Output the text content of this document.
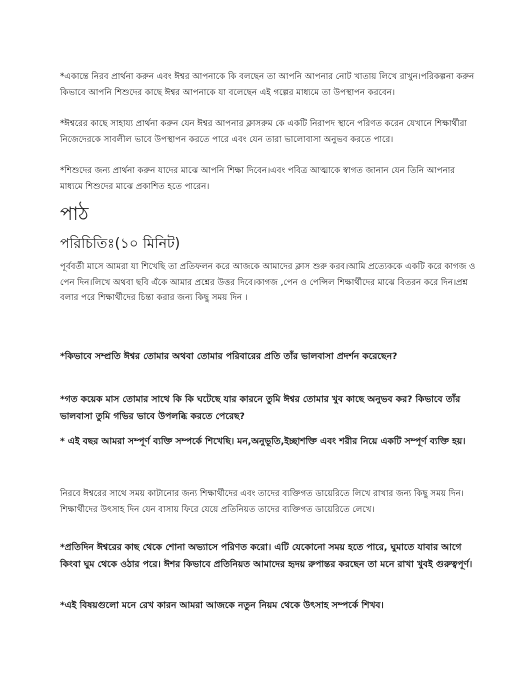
*একান্তে নিরব প্রার্থনা করুন এবং ঈশ্বর আপনাকে কি বলছেন তা আপনি আপনার নোট খাতায় লিখে রাখুন।পরিকল্পনা করুন কিভাবে আপনি শিশুদের কাছে ঈশ্বর আপনাকে যা বলেছেন এই গল্পের মাধ্যমে তা উপস্থাপন করবেন।

*ঈশ্বরের কাছে সাহায্য প্রার্থনা করুন যেন ঈশ্বর আপনার ক্লাসরুম কে একটি নিরাপদ স্থানে পরিণত করেন যেখানে শিক্ষার্থীরা নিজেদেরকে সাবলীল ভাবে উপস্থাপন করতে পারে এবং যেন তারা ভালোবাসা অনুভব করতে পারে।

*শিশুদের জন্য প্রার্থনা করুন যাদের মাঝে আপনি শিক্ষা দিবেন।এবং পবিত্র আত্মাকে স্বাগত জানান যেন তিনি আপনার মাধ্যমে শিশুদের মাঝে প্রকাশিত হতে পারেন।

পাঠ
পরিচিতিঃ(১০ মিনিট)

পূর্ববর্তী মাসে আমরা যা শিখেছি তা প্রতিফলন করে আজকে আমাদের ক্লাস শুরু করব।আমি প্রত্যেককে একটি করে কাগজ ও পেন দিন।লিখে অথবা ছবি এঁকে আমার প্রশ্নের উত্তর দিবে।কাগজ ,পেন ও পেন্সিল শিক্ষার্থীদের মাঝে বিতরন করে দিন।প্রশ্ন বলার পরে শিক্ষার্থীদের চিন্তা করার জন্য কিছু সময় দিন ।

*কিভাবে সম্প্রতি ঈশ্বর তোমার অথবা তোমার পরিবারের প্রতি তাঁর ভালবাসা প্রদর্শন করেছেন?

*গত কয়েক মাস তোমার সাথে কি কি ঘটেছে যার কারনে তুমি ঈশ্বর তোমার খুব কাছে অনুভব কর? কিভাবে তাঁর ভালবাসা তুমি গভির ভাবে উপলব্ধি করতে পেরেছ?

* এই বছর আমরা সম্পূর্ণ ব্যক্তি সম্পর্কে শিখেছি। মন,অনুভূতি,ইচ্ছাশক্তি এবং শরীর নিয়ে একটি সম্পূর্ণ ব্যক্তি হয়।

নিরবে ঈশ্বরের সাথে সময় কাটানোর জন্য শিক্ষার্থীদের এবং তাদের ব্যক্তিগত ডায়েরিতে লিখে রাখার জন্য কিছু সময় দিন।শিক্ষার্থীদের উৎসাহ দিন যেন বাসায় ফিরে যেয়ে প্রতিনিয়ত তাদের ব্যক্তিগত ডায়েরিতে লেখে।

*প্রতিদিন ঈশ্বরের কাছ থেকে শোনা অভ্যাসে পরিণত করো। এটি যেকোনো সময় হতে পারে, ঘুমাতে যাবার আগে কিংবা ঘুম থেকে ওঠার পরে। ঈশর কিভাবে প্রতিনিয়ত আমাদের হৃদয় রুপান্তর করছেন তা মনে রাখা খুবই গুরুত্বপূর্ণ।

*এই বিষয়গুলো মনে রেখ কারন আমরা আজকে নতুন নিয়ম থেকে উৎসাহ সম্পর্কে শিখব।
